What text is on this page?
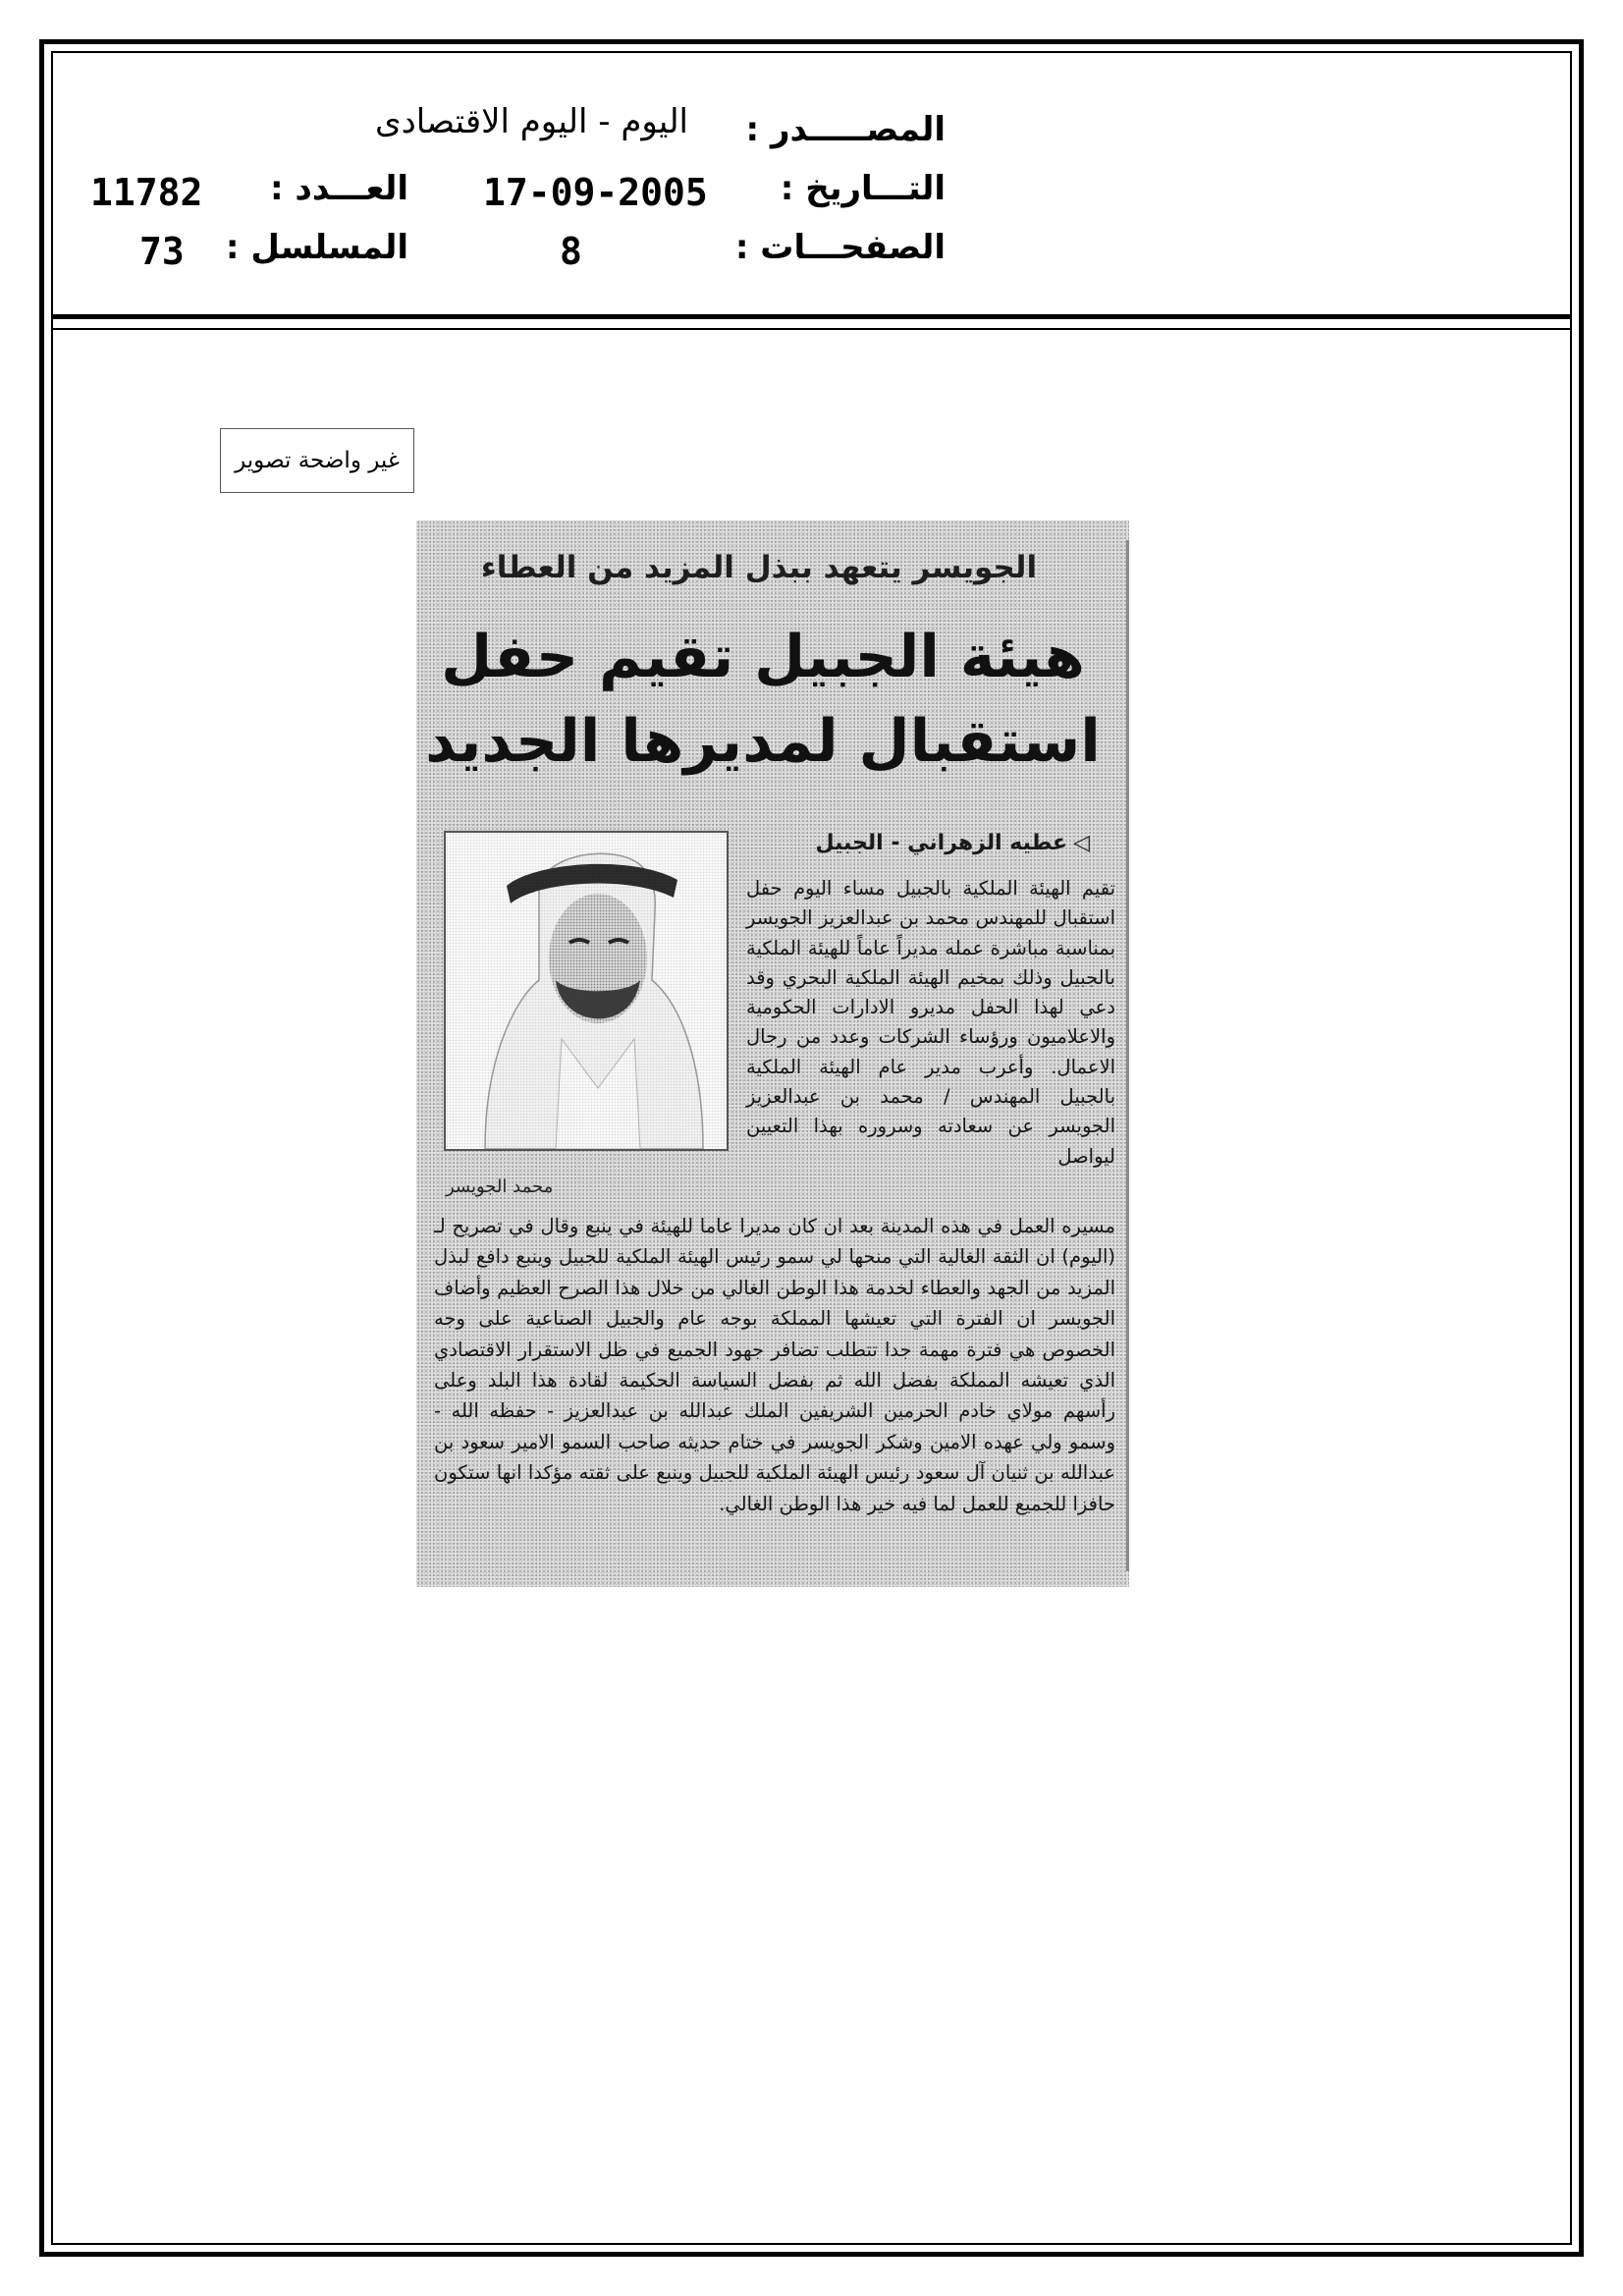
المصـــــدر :
اليوم - اليوم الاقتصادى
التـــاريخ :
17-09-2005
العـــدد :
11782
الصفحـــات :
8
المسلسل :
73
غير واضحة تصوير
الجويسر يتعهد ببذل المزيد من العطاء
هيئة الجبيل تقيم حفل
استقبال لمديرها الجديد
◁عطيه الزهراني - الجبيل

تقيم الهيئة الملكية بالجبيل مساء اليوم حفل استقبال للمهندس محمد بن عبدالعزيز الجويسر بمناسبة مباشرة عمله مديراً عاماً للهيئة الملكية بالجبيل وذلك بمخيم الهيئة الملكية البحري وقد دعي لهذا الحفل مديرو الادارات الحكومية والاعلاميون ورؤساء الشركات وعدد من رجال الاعمال. وأعرب مدير عام الهيئة الملكية بالجبيل المهندس / محمد بن عبدالعزيز الجويسر عن سعادته وسروره بهذا التعيين ليواصل

محمد الجويسر

مسيره العمل في هذه المدينة بعد ان كان مديرا عاما للهيئة في ينبع وقال في تصريح لـ (اليوم) ان الثقة الغالية التي منحها لي سمو رئيس الهيئة الملكية للجبيل وينبع دافع لبذل المزيد من الجهد والعطاء لخدمة هذا الوطن الغالي من خلال هذا الصرح العظيم وأضاف الجويسر ان الفترة التي تعيشها المملكة بوجه عام والجبيل الصناعية على وجه الخصوص هي فترة مهمة جدا تتطلب تضافر جهود الجميع في ظل الاستقرار الاقتصادي الذي تعيشه المملكة بفضل الله ثم بفضل السياسة الحكيمة لقادة هذا البلد وعلى رأسهم مولاي خادم الحرمين الشريفين الملك عبدالله بن عبدالعزيز - حفظه الله - وسمو ولي عهده الامين وشكر الجويسر في ختام حديثه صاحب السمو الامير سعود بن عبدالله بن ثنيان آل سعود رئيس الهيئة الملكية للجبيل وينبع على ثقته مؤكدا انها ستكون حافزا للجميع للعمل لما فيه خير هذا الوطن الغالي.
